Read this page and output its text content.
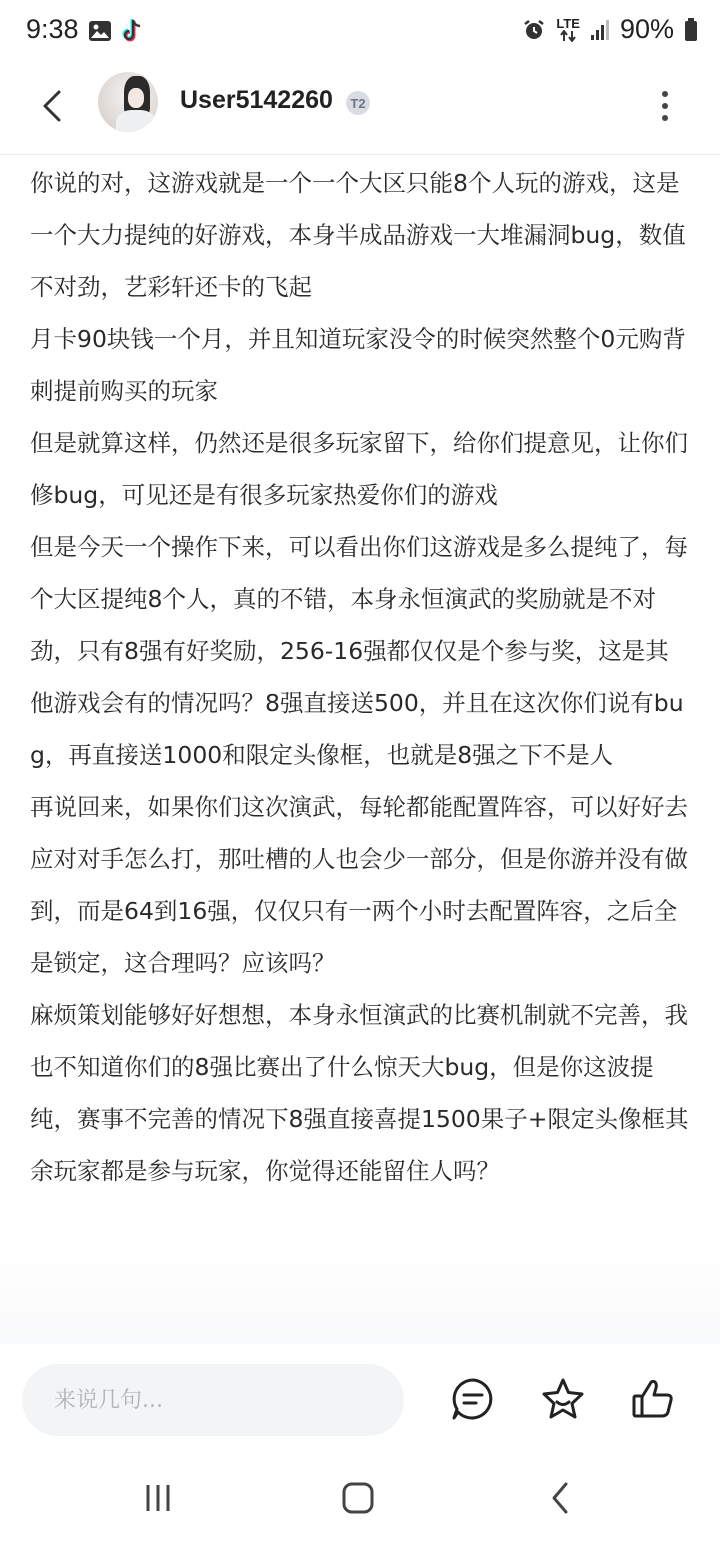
9:38	LTE 90%
User5142260	T2

你说的对，这游戏就是一个一个大区只能8个人玩的游戏，这是一个大力提纯的好游戏，本身半成品游戏一大堆漏洞bug，数值不对劲，艺彩轩还卡的飞起

月卡90块钱一个月，并且知道玩家没令的时候突然整个0元购背刺提前购买的玩家

但是就算这样，仍然还是很多玩家留下，给你们提意见，让你们修bug，可见还是有很多玩家热爱你们的游戏

但是今天一个操作下来，可以看出你们这游戏是多么提纯了，每个大区提纯8个人，真的不错，本身永恒演武的奖励就是不对劲，只有8强有好奖励，256-16强都仅仅是个参与奖，这是其他游戏会有的情况吗？8强直接送500，并且在这次你们说有bug，再直接送1000和限定头像框，也就是8强之下不是人

再说回来，如果你们这次演武，每轮都能配置阵容，可以好好去应对对手怎么打，那吐槽的人也会少一部分，但是你游并没有做到，而是64到16强，仅仅只有一两个小时去配置阵容，之后全是锁定，这合理吗？应该吗？

麻烦策划能够好好想想，本身永恒演武的比赛机制就不完善，我也不知道你们的8强比赛出了什么惊天大bug，但是你这波提纯，赛事不完善的情况下8强直接喜提1500果子+限定头像框其余玩家都是参与玩家，你觉得还能留住人吗？

来说几句...
